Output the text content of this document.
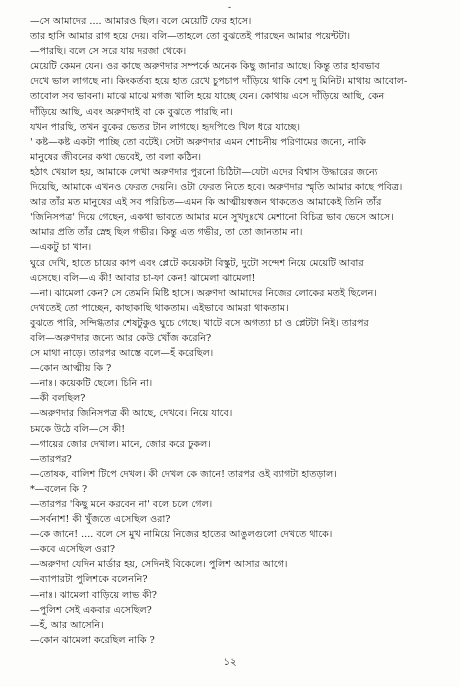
-
—সে আমাদের .... আমারও ছিল। বলে মেয়েটি ফের হাসে।
তার হাসি আমার রাগ হয়ে দেয়। বলি—তাহলে তো বুঝতেই পারছেন আমার পয়েন্টটা।
—পারছি। বলে সে সরে যায় দরজা থেকে।
মেয়েটি কেমন যেন। ওর কাছে অরুণদার সম্পর্কে অনেক কিছু জানার আছে। কিন্তু তার হাবভাব
দেখে ভাল লাগছে না। কিংকর্তব্য হয়ে হাত রেখে চুপচাপ দাঁড়িয়ে থাকি বেশ দু মিনিট। মাথায় আবোল-
তাবোল সব ভাবনা। মাঝে মাঝে মগজ খালি হয়ে যাচ্ছে যেন। কোথায় এসে দাঁড়িয়ে আছি, কেন
দাঁড়িয়ে আছি, এবং অরুণদাই বা কে বুঝতে পারছি না।
যখন পারছি, তখন বুকের ভেতর টান লাগছে। হৃদপিণ্ডে খিল ধরে যাচ্ছে।
' কষ্ট—কষ্ট একটা পাচ্ছি তো বটেই। সেটা অরুণদার এমন শোচনীয় পরিণামের জন্যে, নাকি
মানুষের জীবনের কথা ভেবেই, তা বলা কঠিন।
হঠাৎ খেয়াল হয়, আমাকে লেখা অরুণদার পুরনো চিঠিটা—যেটা এদের বিশ্বাস উদ্ধারের জন্যে
দিয়েছি, আমাকে এখনও ফেরত দেয়নি। ওটা ফেরত নিতে হবে। অরুণদার স্মৃতি আমার কাছে পবিত্র।
আর তাঁর মত মানুষের এই সব পরিচিত—এমন কি আত্মীয়স্বজন থাকতেও আমাকেই তিনি তাঁর
'জিনিসপত্র' দিয়ে গেছেন, একথা ভাবতে আমার মনে সুখদুঃখে মেশানো বিচিত্র ভাব ভেসে আসে।
আমার প্রতি তাঁর স্নেহ ছিল গভীর। কিন্তু এত গভীর, তা তো জানতাম না।
—একটু চা খান।
ঘুরে দেখি, হাতে চায়ের কাপ এবং প্লেটে কয়েকটা বিস্কুট, দুটো সন্দেশ নিয়ে মেয়েটি আবার
এসেছে। বলি—এ কী! আবার চা-ফা কেন! ঝামেলা ঝামেলা!
—না। ঝামেলা কেন? সে তেমনি মিষ্টি হাসে। অরুণদা আমাদের নিজের লোকের মতই ছিলেন।
দেখতেই তো পাচ্ছেন, কাছাকাছি থাকতাম। এইভাবে আমরা থাকতাম।
বুঝতে পারি, সন্দিগ্ধতার শেষটুকুও ঘুচে গেছে। খাটে বসে অগত্যা চা ও প্লেটটা নিই। তারপর
বলি—অরুণদার জন্যে আর কেউ খোঁজ করেনি?
সে মাথা নাড়ে। তারপর আস্তে বলে—হঁ করেছিল।
—কোন আত্মীয় কি ?
—নাঃ। কয়েকটি ছেলে। চিনি না।
—কী বলছিল?
—অরুণদার জিনিসপত্র কী আছে, দেখবে। নিয়ে যাবে।
চমকে উঠে বলি—সে কী!
—গায়ের জোর দেখাল। মানে, জোর করে ঢুকল।
—তারপর?
—তোষক, বালিশ টিপে দেখল। কী দেখল কে জানে! তারপর ওই ব্যাগটা হাতড়াল।
*—বলেন কি ?
—তারপর 'কিছু মনে করবেন না' বলে চলে গেল।
—সর্বনাশ! কী খুঁজতে এসেছিল ওরা?
—কে জানে! .... বলে সে মুখ নামিয়ে নিজের হাতের আঙুলগুলো দেখতে থাকে।
—কবে এসেছিল ওরা?
—অরুণদা যেদিন মার্ডার হয়, সেদিনই বিকেলে। পুলিশ আসার আগে।
—ব্যাপারটা পুলিশকে বলেননি?
—নাঃ। ঝামেলা বাড়িয়ে লাভ কী?
—পুলিশ সেই একবার এসেছিল?
—হঁ, আর আসেনি।
—কোন ঝামেলা করেছিল নাকি ?
১২
